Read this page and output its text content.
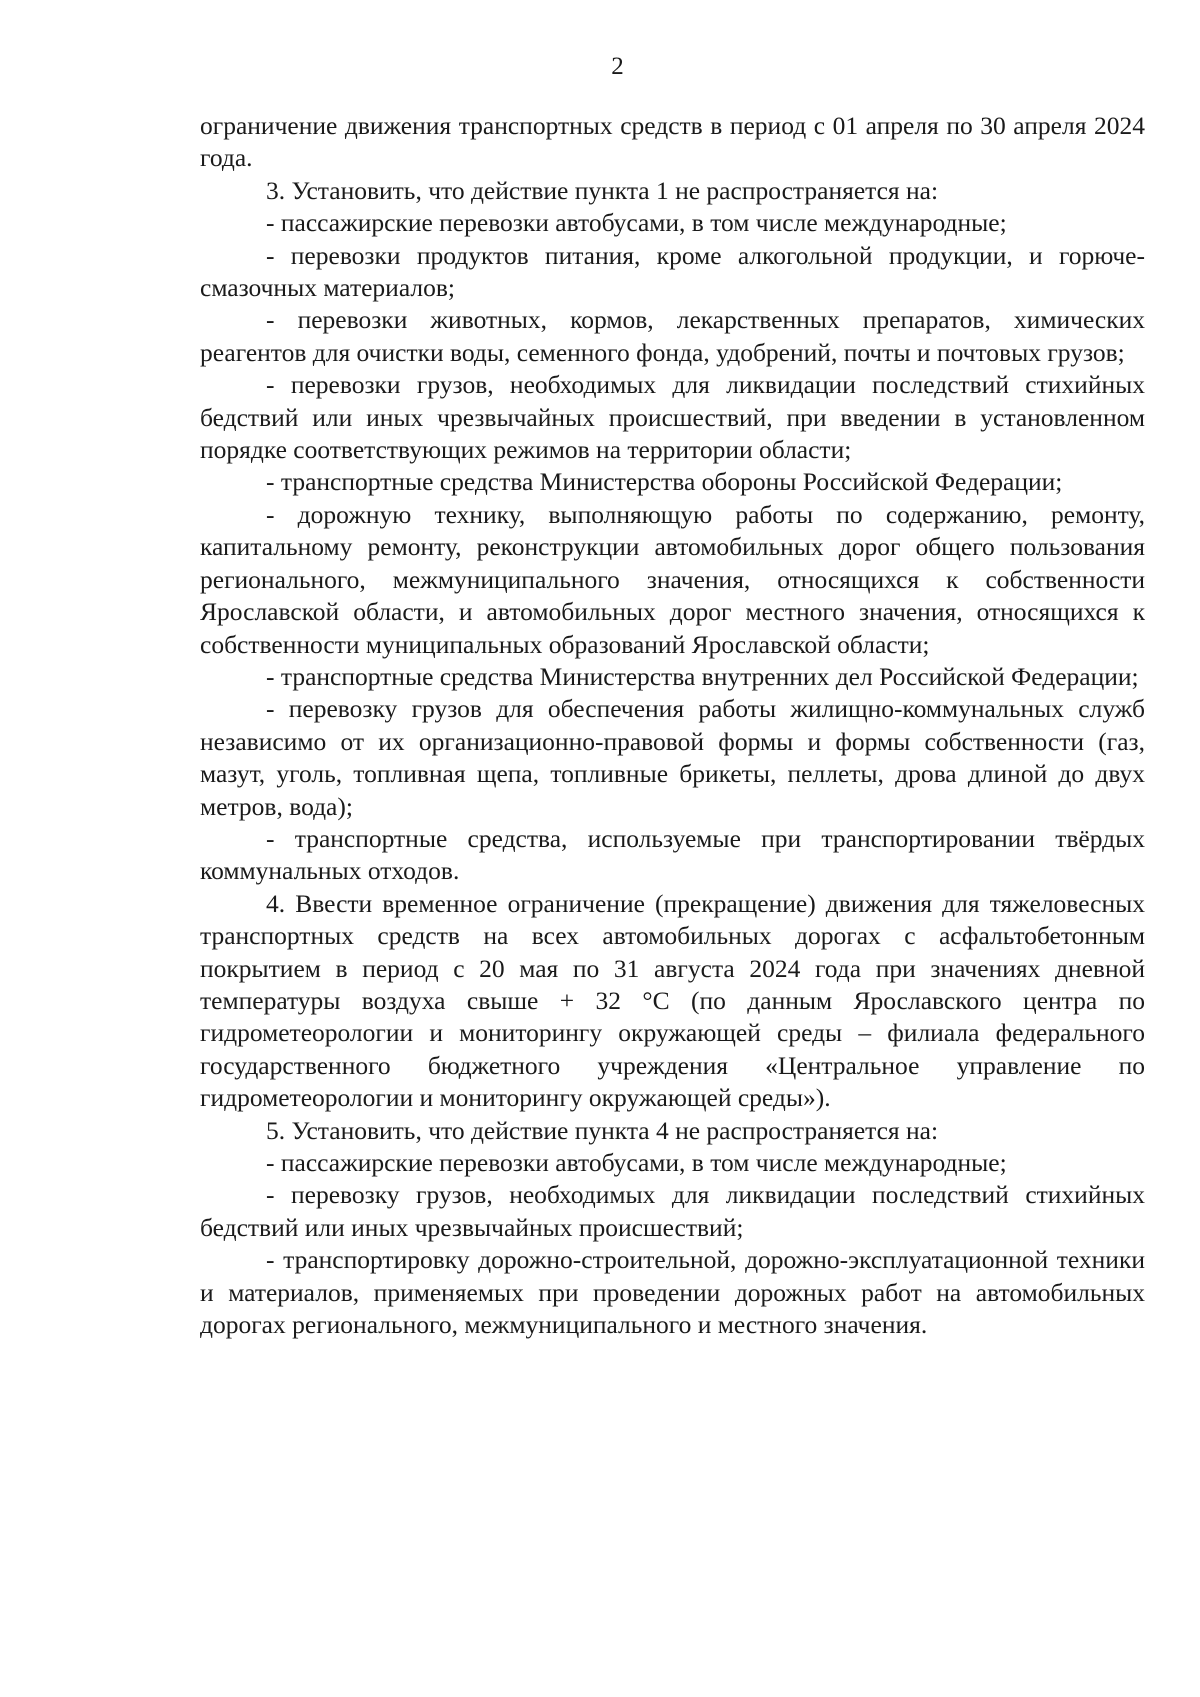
2

ограничение движения транспортных средств в период с 01 апреля по 30 апреля 2024 года.

3. Установить, что действие пункта 1 не распространяется на:

- пассажирские перевозки автобусами, в том числе международные;

- перевозки продуктов питания, кроме алкогольной продукции, и горюче-смазочных материалов;

- перевозки животных, кормов, лекарственных препаратов, химических реагентов для очистки воды, семенного фонда, удобрений, почты и почтовых грузов;

- перевозки грузов, необходимых для ликвидации последствий стихийных бедствий или иных чрезвычайных происшествий, при введении в установленном порядке соответствующих режимов на территории области;

- транспортные средства Министерства обороны Российской Федерации;

- дорожную технику, выполняющую работы по содержанию, ремонту, капитальному ремонту, реконструкции автомобильных дорог общего пользования регионального, межмуниципального значения, относящихся к собственности Ярославской области, и автомобильных дорог местного значения, относящихся к собственности муниципальных образований Ярославской области;

- транспортные средства Министерства внутренних дел Российской Федерации;

- перевозку грузов для обеспечения работы жилищно-коммунальных служб независимо от их организационно-правовой формы и формы собственности (газ, мазут, уголь, топливная щепа, топливные брикеты, пеллеты, дрова длиной до двух метров, вода);

- транспортные средства, используемые при транспортировании твёрдых коммунальных отходов.

4. Ввести временное ограничение (прекращение) движения для тяжеловесных транспортных средств на всех автомобильных дорогах с асфальтобетонным покрытием в период с 20 мая по 31 августа 2024 года при значениях дневной температуры воздуха свыше + 32 °C (по данным Ярославского центра по гидрометеорологии и мониторингу окружающей среды – филиала федерального государственного бюджетного учреждения «Центральное управление по гидрометеорологии и мониторингу окружающей среды»).

5. Установить, что действие пункта 4 не распространяется на:

- пассажирские перевозки автобусами, в том числе международные;

- перевозку грузов, необходимых для ликвидации последствий стихийных бедствий или иных чрезвычайных происшествий;

- транспортировку дорожно-строительной, дорожно-эксплуатационной техники и материалов, применяемых при проведении дорожных работ на автомобильных дорогах регионального, межмуниципального и местного значения.
